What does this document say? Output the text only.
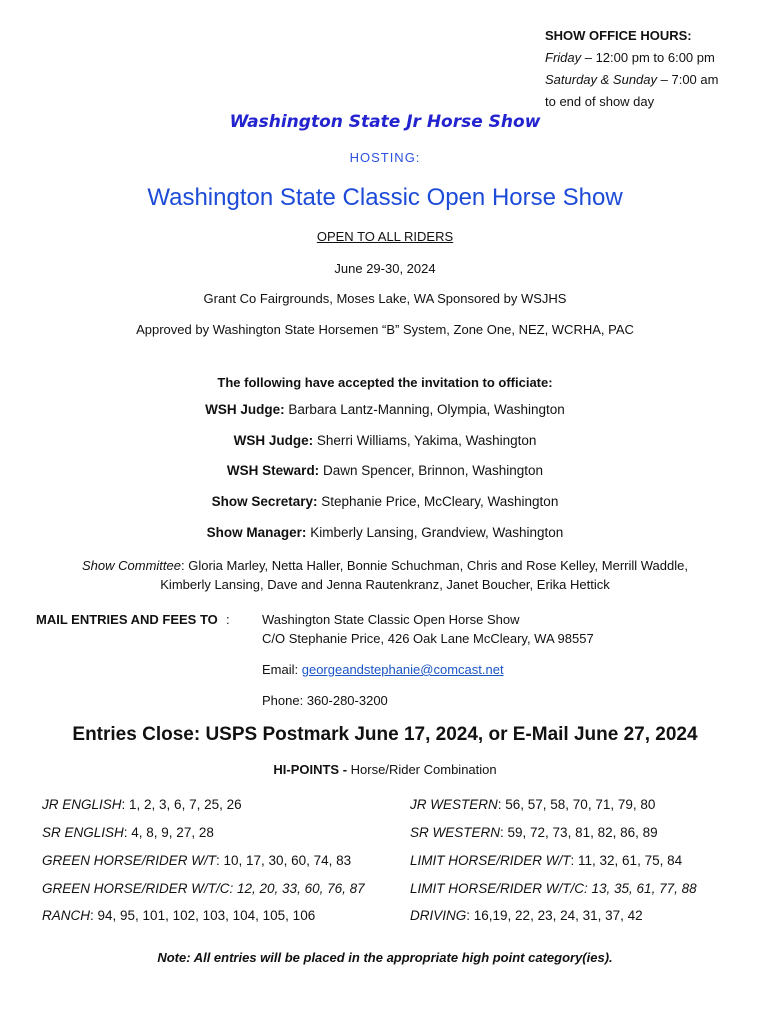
SHOW OFFICE HOURS:
Friday – 12:00 pm to 6:00 pm
Saturday & Sunday – 7:00 am
to end of show day
Washington State Jr Horse Show
HOSTING:
Washington State Classic Open Horse Show
OPEN TO ALL RIDERS
June 29-30, 2024
Grant Co Fairgrounds, Moses Lake, WA Sponsored by WSJHS
Approved by Washington State Horsemen “B” System, Zone One, NEZ, WCRHA, PAC
The following have accepted the invitation to officiate:
WSH Judge: Barbara Lantz-Manning, Olympia, Washington
WSH Judge: Sherri Williams, Yakima, Washington
WSH Steward: Dawn Spencer, Brinnon, Washington
Show Secretary: Stephanie Price, McCleary, Washington
Show Manager: Kimberly Lansing, Grandview, Washington
Show Committee: Gloria Marley, Netta Haller, Bonnie Schuchman, Chris and Rose Kelley, Merrill Waddle,
Kimberly Lansing, Dave and Jenna Rautenkranz, Janet Boucher, Erika Hettick
MAIL ENTRIES AND FEES TO : Washington State Classic Open Horse Show
C/O Stephanie Price, 426 Oak Lane McCleary, WA 98557
Email: georgeandstephanie@comcast.net
Phone: 360-280-3200
Entries Close: USPS Postmark June 17, 2024, or E-Mail June 27, 2024
HI-POINTS - Horse/Rider Combination
JR ENGLISH: 1, 2, 3, 6, 7, 25, 26	JR WESTERN: 56, 57, 58, 70, 71, 79, 80
SR ENGLISH: 4, 8, 9, 27, 28	SR WESTERN: 59, 72, 73, 81, 82, 86, 89
GREEN HORSE/RIDER W/T: 10, 17, 30, 60, 74, 83	LIMIT HORSE/RIDER W/T: 11, 32, 61, 75, 84
GREEN HORSE/RIDER W/T/C: 12, 20, 33, 60, 76, 87	LIMIT HORSE/RIDER W/T/C: 13, 35, 61, 77, 88
RANCH: 94, 95, 101, 102, 103, 104, 105, 106	DRIVING: 16,19, 22, 23, 24, 31, 37, 42
Note: All entries will be placed in the appropriate high point category(ies).
